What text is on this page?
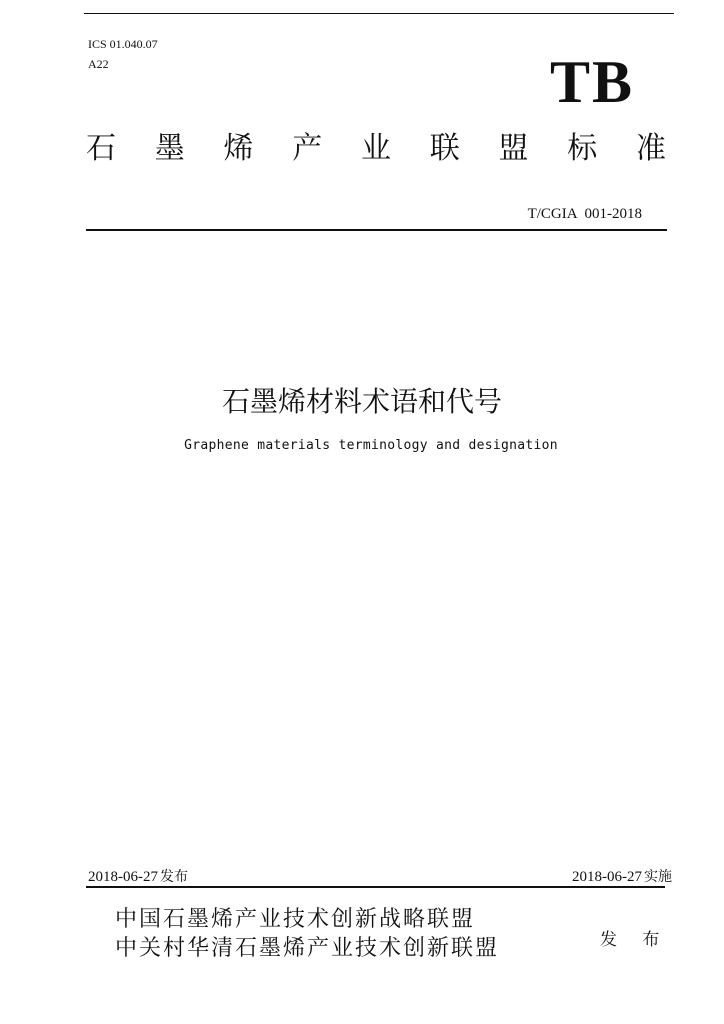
ICS 01.040.07
A22	TB
石 墨 烯 产 业 联 盟 标 准
T/CGIA 001-2018
石墨烯材料术语和代号
Graphene materials terminology and designation
2018-06-27 发布	2018-06-27 实施
中国石墨烯产业技术创新战略联盟
中关村华清石墨烯产业技术创新联盟	发 布
